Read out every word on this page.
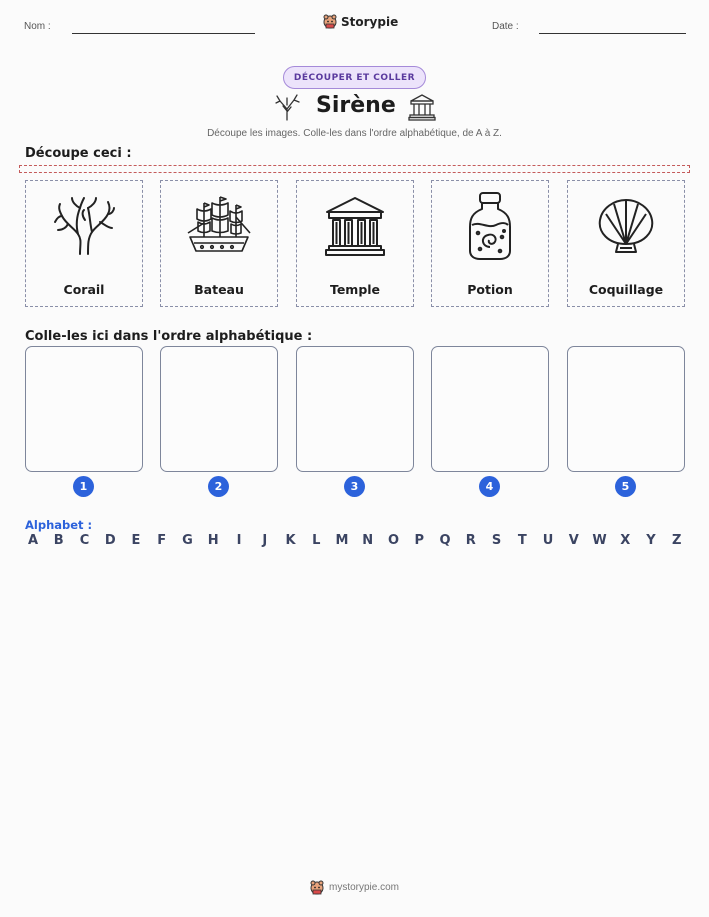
Nom :	Storypie	Date :
DÉCOUPER ET COLLER
Sirène
Découpe les images. Colle-les dans l'ordre alphabétique, de A à Z.
Découpe ceci :
Corail	Bateau	Temple	Potion	Coquillage
Colle-les ici dans l'ordre alphabétique :
1	2	3	4	5
Alphabet :
A B C D E F G H	I	J	K L M N O P Q R S T U V W X Y Z
mystorypie.com
